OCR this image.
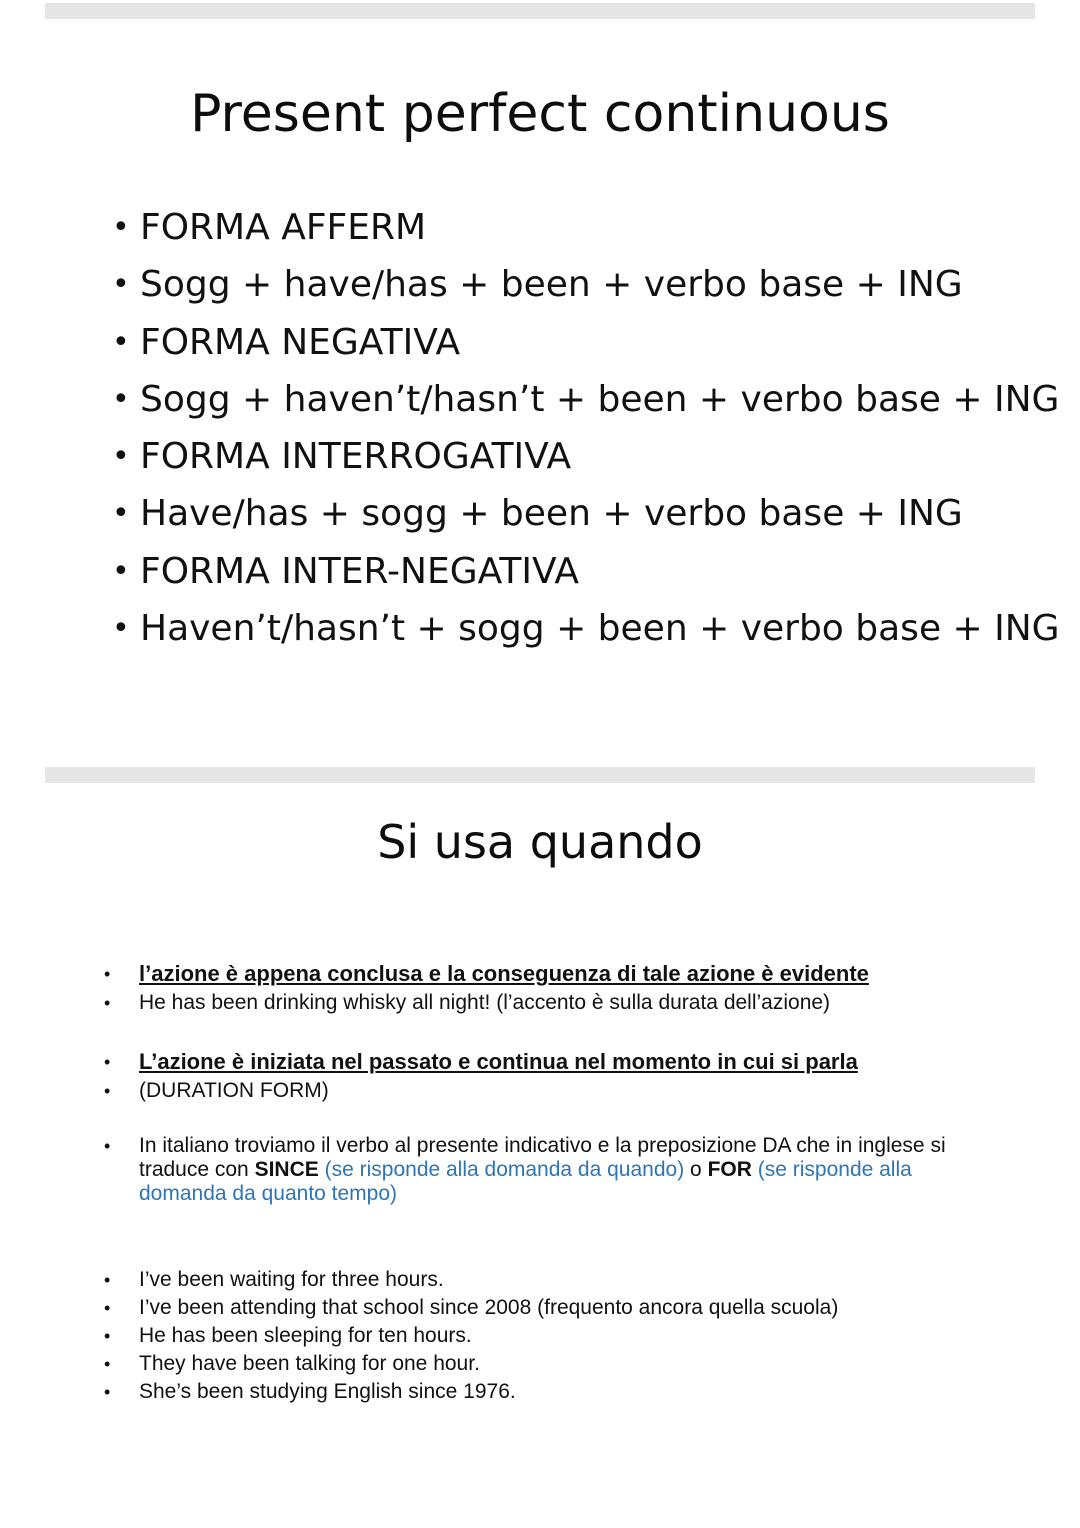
Present perfect continuous
• FORMA AFFERM
• Sogg + have/has + been + verbo base + ING
• FORMA NEGATIVA
• Sogg + haven’t/hasn’t + been + verbo base + ING
• FORMA INTERROGATIVA
• Have/has + sogg + been + verbo base + ING
• FORMA INTER-NEGATIVA
• Haven’t/hasn’t + sogg + been + verbo base + ING
Si usa quando
• l’azione è appena conclusa e la conseguenza di tale azione è evidente
• He has been drinking whisky all night! (l’accento è sulla durata dell’azione)
• L’azione è iniziata nel passato e continua nel momento in cui si parla
• (DURATION FORM)
• In italiano troviamo il verbo al presente indicativo e la preposizione DA che in inglese si traduce con SINCE (se risponde alla domanda da quando) o FOR (se risponde alla domanda da quanto tempo)
• I’ve been waiting for three hours.
• I’ve been attending that school since 2008 (frequento ancora quella scuola)
• He has been sleeping for ten hours.
• They have been talking for one hour.
• She’s been studying English since 1976.
